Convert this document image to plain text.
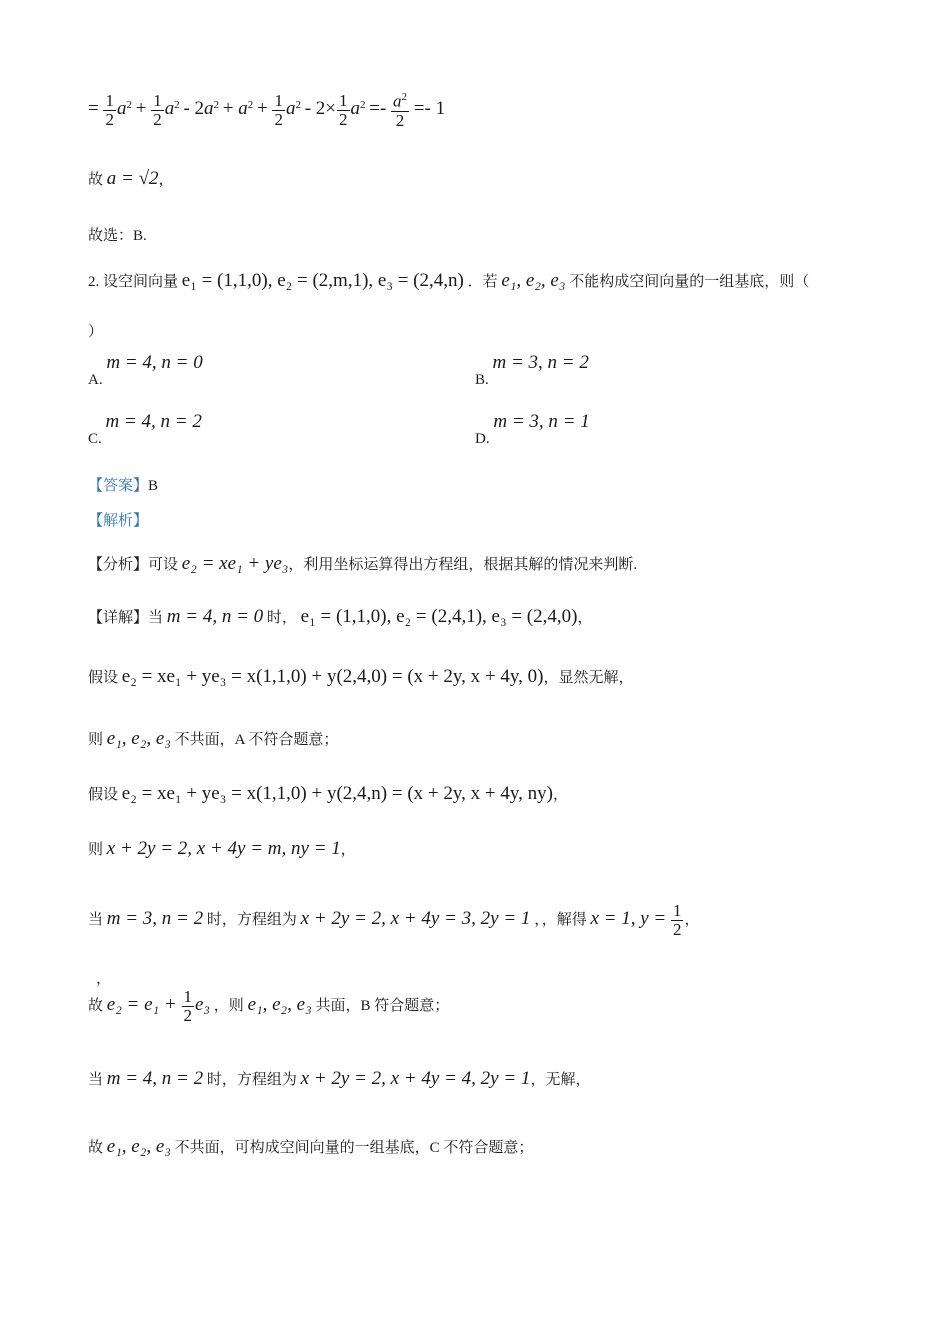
= $\frac{1}{2} a^2 + \frac{1}{2} a^2 - 2a^2 + a^2 + \frac{1}{2} a^2 - 2\times \frac{1}{2} a^2 =- \frac{a^2}{2} =- 1$
故 a = √2，
故选：B.
2. 设空间向量 e₁ = (1,1,0), e₂ = (2,m,1), e₃ = (2,4,n) ．若 e₁, e₂, e₃ 不能构成空间向量的一组基底，则（
）
A. m = 4, n = 0
B. m = 3, n = 2
C. m = 4, n = 2
D. m = 3, n = 1
【答案】B
【解析】
【分析】可设 e₂ = xe₁ + ye₃，利用坐标运算得出方程组，根据其解的情况来判断.
【详解】当 m = 4, n = 0 时， e₁ = (1,1,0), e₂ = (2,4,1), e₃ = (2,4,0)，
假设 e₂ = xe₁ + ye₃ = x(1,1,0) + y(2,4,0) = (x + 2y, x + 4y, 0)，显然无解，
则 e₁, e₂, e₃ 不共面，A 不符合题意；
假设 e₂ = xe₁ + ye₃ = x(1,1,0) + y(2,4,n) = (x + 2y, x + 4y, ny)，
则 x + 2y = 2, x + 4y = m, ny = 1，
当 m = 3, n = 2 时，方程组为 x + 2y = 2, x + 4y = 3, 2y = 1 ，，解得 x = 1, $y = \frac{1}{2}$ ，
，
故 $e_2 = e_1 + \frac{1}{2} e_3$ ，则 e₁, e₂, e₃ 共面，B 符合题意；
当 m = 4, n = 2 时，方程组为 x + 2y = 2, x + 4y = 4, 2y = 1，无解，
故 e₁, e₂, e₃ 不共面，可构成空间向量的一组基底，C 不符合题意；
